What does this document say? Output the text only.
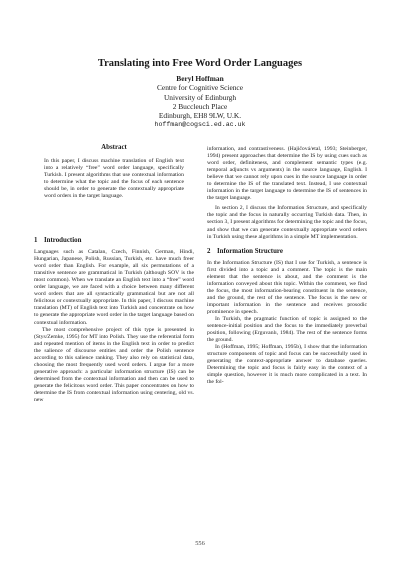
Translating into Free Word Order Languages
Beryl Hoffman
Centre for Cognitive Science
University of Edinburgh
2 Buccleuch Place
Edinburgh, EH8 9LW, U.K.
hoffman@cogsci.ed.ac.uk
Abstract

In this paper, I discuss machine translation of English text into a relatively “free” word order language, specifically Turkish. I present algorithms that use contextual information to determine what the topic and the focus of each sentence should be, in order to generate the contextually appropriate word orders in the target language.

1 Introduction

Languages such as Catalan, Czech, Finnish, German, Hindi, Hungarian, Japanese, Polish, Russian, Turkish, etc. have much freer word order than English. For example, all six permutations of a transitive sentence are grammatical in Turkish (although SOV is the most common). When we translate an English text into a “free” word order language, we are faced with a choice between many different word orders that are all syntactically grammatical but are not all felicitous or contextually appropriate. In this paper, I discuss machine translation (MT) of English text into Turkish and concentrate on how to generate the appropriate word order in the target language based on contextual information.

The most comprehensive project of this type is presented in (Stys/Zemke, 1995) for MT into Polish. They use the referential form and repeated mention of items in the English text in order to predict the salience of discourse entities and order the Polish sentence according to this salience ranking. They also rely on statistical data, choosing the most frequently used word orders. I argue for a more generative approach: a particular information structure (IS) can be determined from the contextual information and then can be used to generate the felicitous word order. This paper concentrates on how to determine the IS from contextual information using centering, old vs. new

information, and contrastiveness. (Hajičová/etal, 1993; Steinberger, 1994) present approaches that determine the IS by using cues such as word order, definiteness, and complement semantic types (e.g. temporal adjuncts vs arguments) in the source language, English. I believe that we cannot rely upon cues in the source language in order to determine the IS of the translated text. Instead, I use contextual information in the target language to determine the IS of sentences in the target language.

In section 2, I discuss the Information Structure, and specifically the topic and the focus in naturally occurring Turkish data. Then, in section 3, I present algorithms for determining the topic and the focus, and show that we can generate contextually appropriate word orders in Turkish using these algorithms in a simple MT implementation.

2 Information Structure

In the Information Structure (IS) that I use for Turkish, a sentence is first divided into a topic and a comment. The topic is the main element that the sentence is about, and the comment is the information conveyed about this topic. Within the comment, we find the focus, the most information-bearing constituent in the sentence, and the ground, the rest of the sentence. The focus is the new or important information in the sentence and receives prosodic prominence in speech.

In Turkish, the pragmatic function of topic is assigned to the sentence-initial position and the focus to the immediately preverbal position, following (Erguvanlı, 1984). The rest of the sentence forms the ground.

In (Hoffman, 1995; Hoffman, 1995b), I show that the information structure components of topic and focus can be successfully used in generating the context-appropriate answer to database queries. Determining the topic and focus is fairly easy in the context of a simple question, however it is much more complicated in a text. In the fol-

556
